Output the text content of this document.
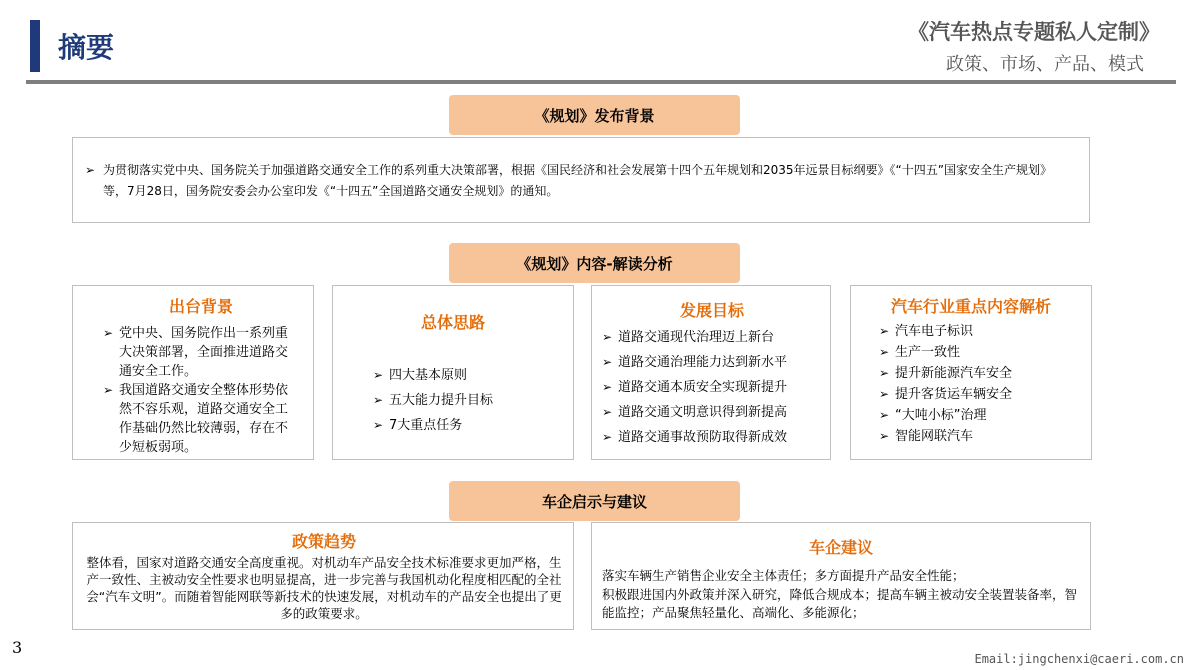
摘要	《汽车热点专题私人定制》
政策、市场、产品、模式
《规划》发布背景
➢ 为贯彻落实党中央、国务院关于加强道路交通安全工作的系列重大决策部署，根据《国民经济和社会发展第十四个五年规划和2035年远景目标纲要》《“十四五”国家安全生产规划》等，7月28日，国务院安委会办公室印发《“十四五”全国道路交通安全规划》的通知。
《规划》内容-解读分析
出台背景
➢ 党中央、国务院作出一系列重大决策部署，全面推进道路交通安全工作。
➢ 我国道路交通安全整体形势依然不容乐观，道路交通安全工作基础仍然比较薄弱，存在不少短板弱项。
总体思路
➢ 四大基本原则
➢ 五大能力提升目标
➢ 7大重点任务
发展目标
➢ 道路交通现代治理迈上新台
➢ 道路交通治理能力达到新水平
➢ 道路交通本质安全实现新提升
➢ 道路交通文明意识得到新提高
➢ 道路交通事故预防取得新成效
汽车行业重点内容解析
➢ 汽车电子标识
➢ 生产一致性
➢ 提升新能源汽车安全
➢ 提升客货运车辆安全
➢ “大吨小标”治理
➢ 智能网联汽车
车企启示与建议
政策趋势
整体看，国家对道路交通安全高度重视。对机动车产品安全技术标准要求更加严格，生产一致性、主被动安全性要求也明显提高，进一步完善与我国机动化程度相匹配的全社会“汽车文明”。而随着智能网联等新技术的快速发展，对机动车的产品安全也提出了更多的政策要求。
车企建议
落实车辆生产销售企业安全主体责任；多方面提升产品安全性能；
积极跟进国内外政策并深入研究，降低合规成本；提高车辆主被动安全装置装备率，智能监控；产品聚焦轻量化、高端化、多能源化；
3
Email:jingchenxi@caeri.com.cn
